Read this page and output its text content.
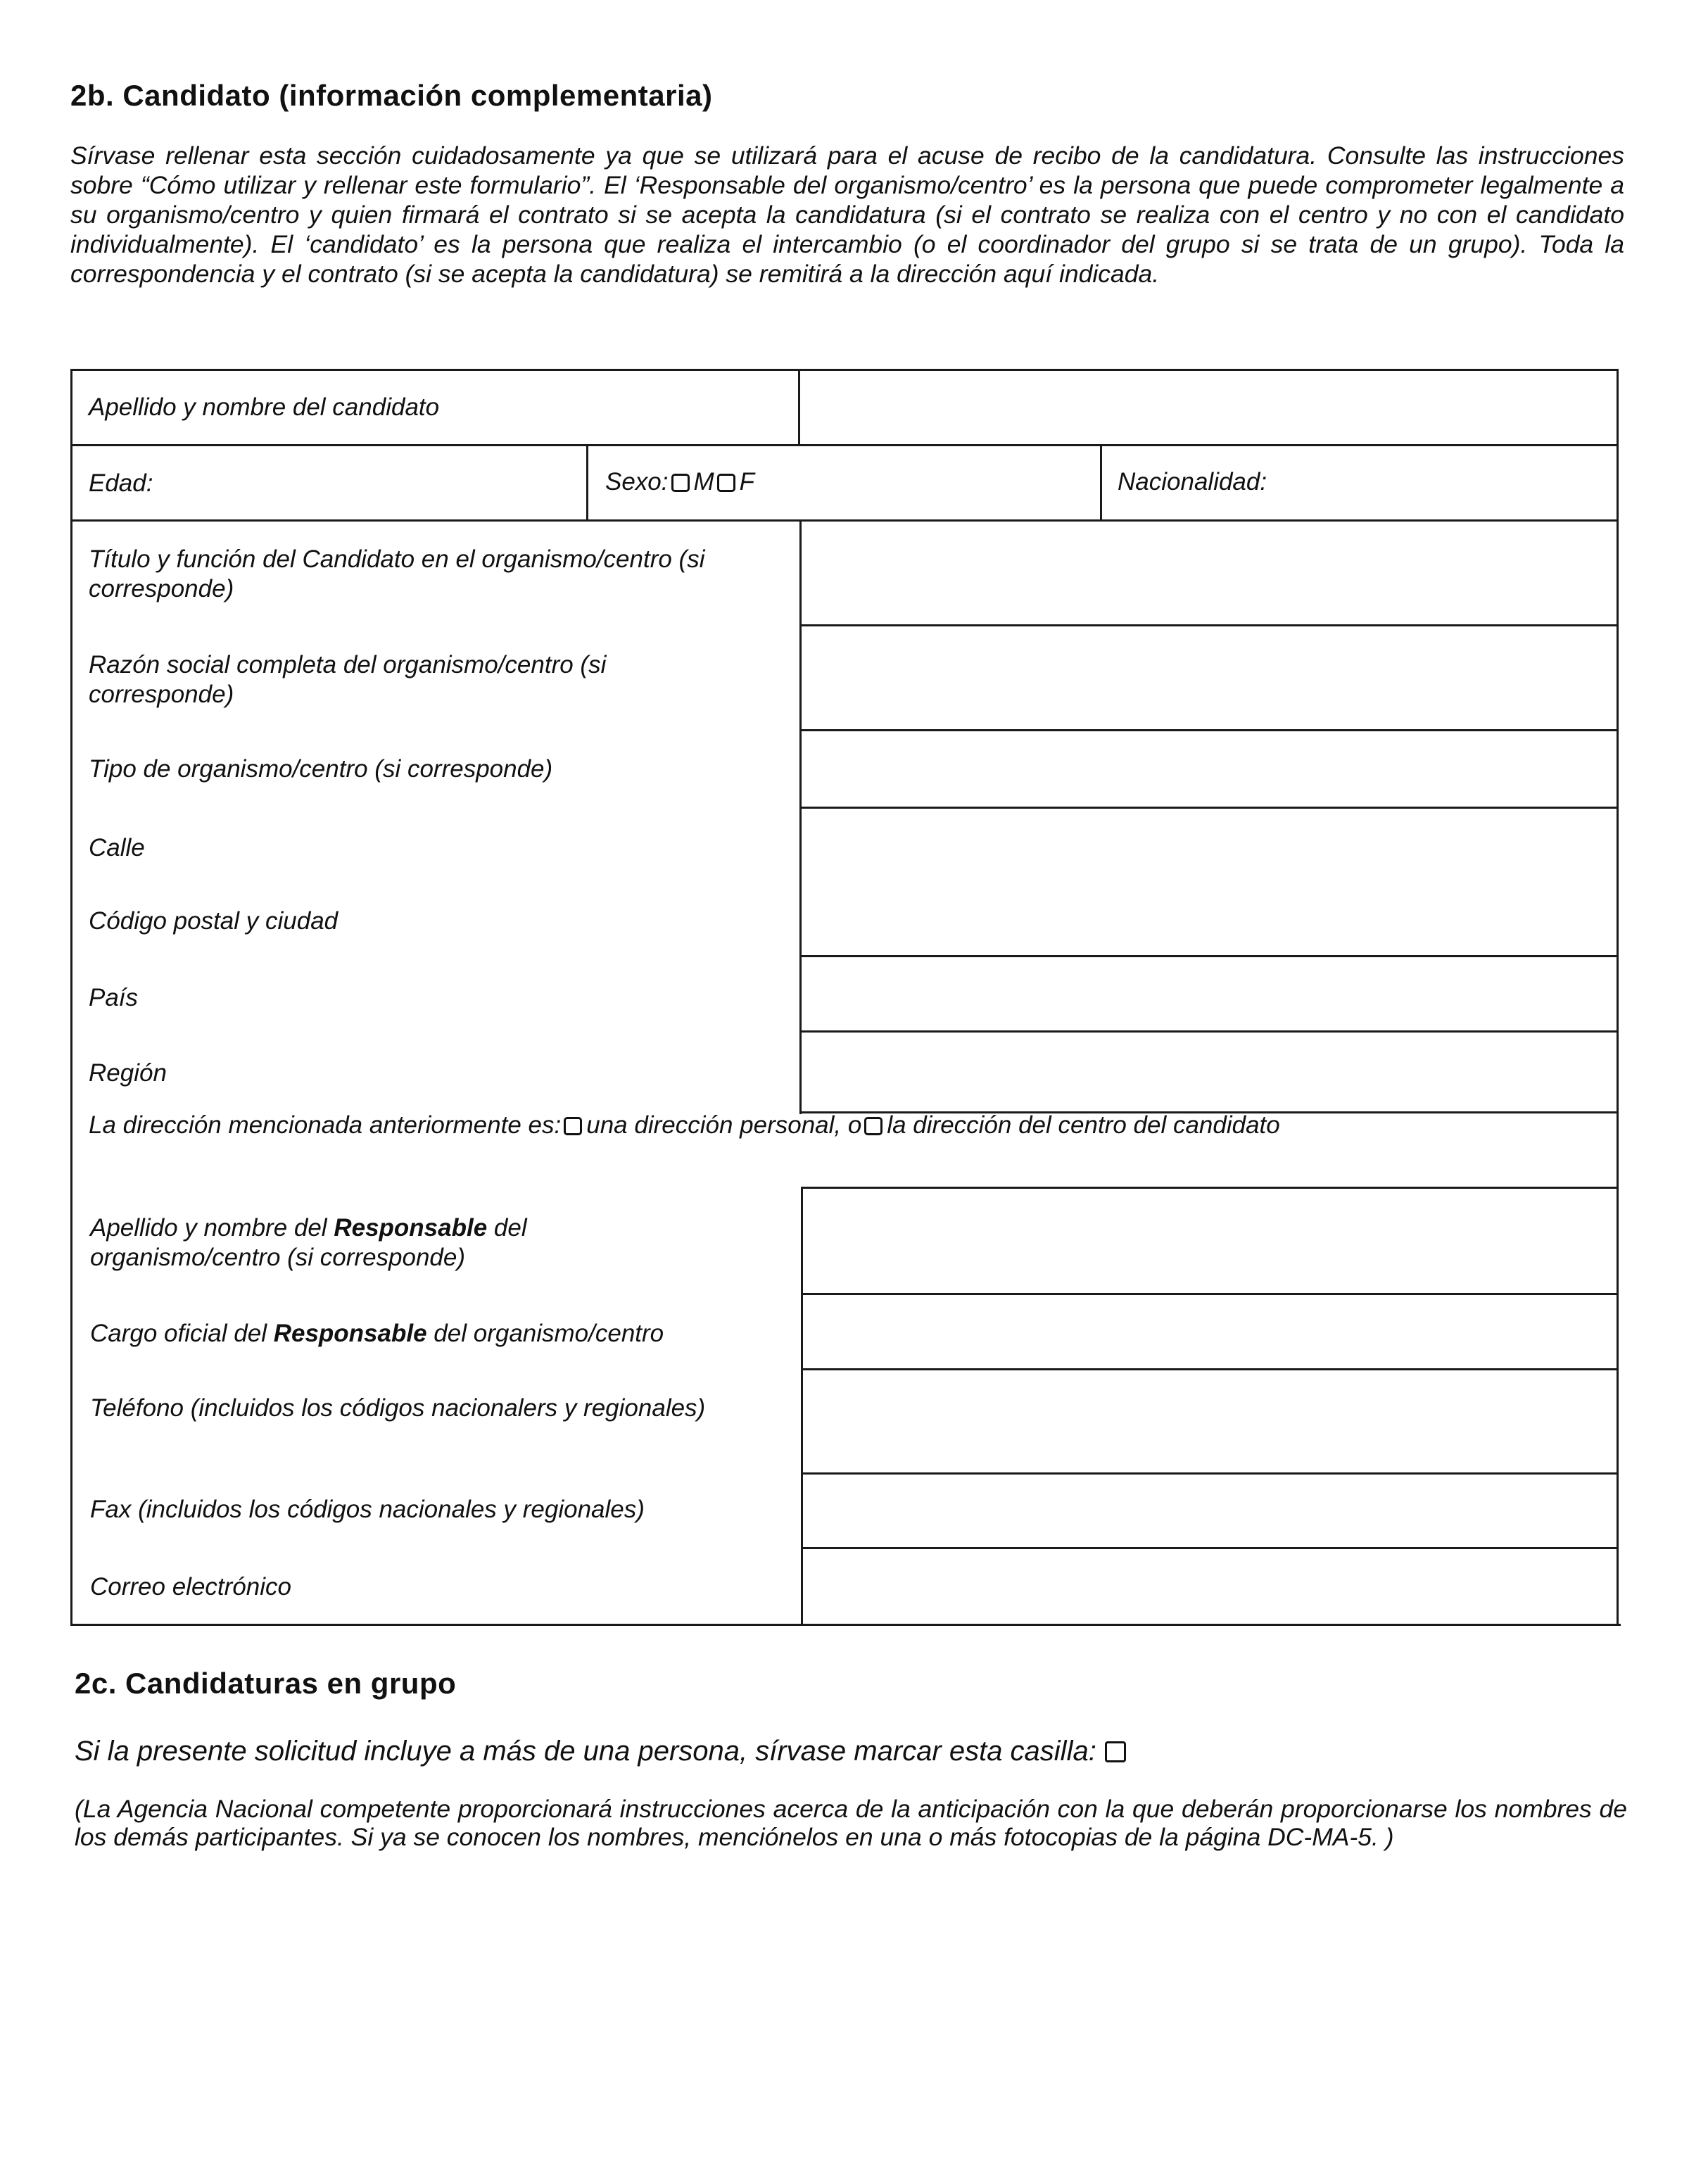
2b. Candidato (información complementaria)

Sírvase rellenar esta sección cuidadosamente ya que se utilizará para el acuse de recibo de la candidatura. Consulte las instrucciones sobre “Cómo utilizar y rellenar este formulario”. El ‘Responsable del organismo/centro’ es la persona que puede comprometer legalmente a su organismo/centro y quien firmará el contrato si se acepta la candidatura (si el contrato se realiza con el centro y no con el candidato individualmente). El ‘candidato’ es la persona que realiza el intercambio (o el coordinador del grupo si se trata de un grupo). Toda la correspondencia y el contrato (si se acepta la candidatura) se remitirá a la dirección aquí indicada.

Apellido y nombre del candidato

Edad:	Sexo: M F	Nacionalidad:

Título y función del Candidato en el organismo/centro (si corresponde)

Razón social completa del organismo/centro (si corresponde)

Tipo de organismo/centro (si corresponde)

Calle

Código postal y ciudad

País

Región

La dirección mencionada anteriormente es: una dirección personal, o la dirección del centro del candidato

Apellido y nombre del Responsable del organismo/centro (si corresponde)

Cargo oficial del Responsable del organismo/centro

Teléfono (incluidos los códigos nacionalers y regionales)

Fax (incluidos los códigos nacionales y regionales)

Correo electrónico

2c. Candidaturas en grupo

Si la presente solicitud incluye a más de una persona, sírvase marcar esta casilla:

(La Agencia Nacional competente proporcionará instrucciones acerca de la anticipación con la que deberán proporcionarse los nombres de los demás participantes. Si ya se conocen los nombres, menciónelos en una o más fotocopias de la página DC-MA-5. )
